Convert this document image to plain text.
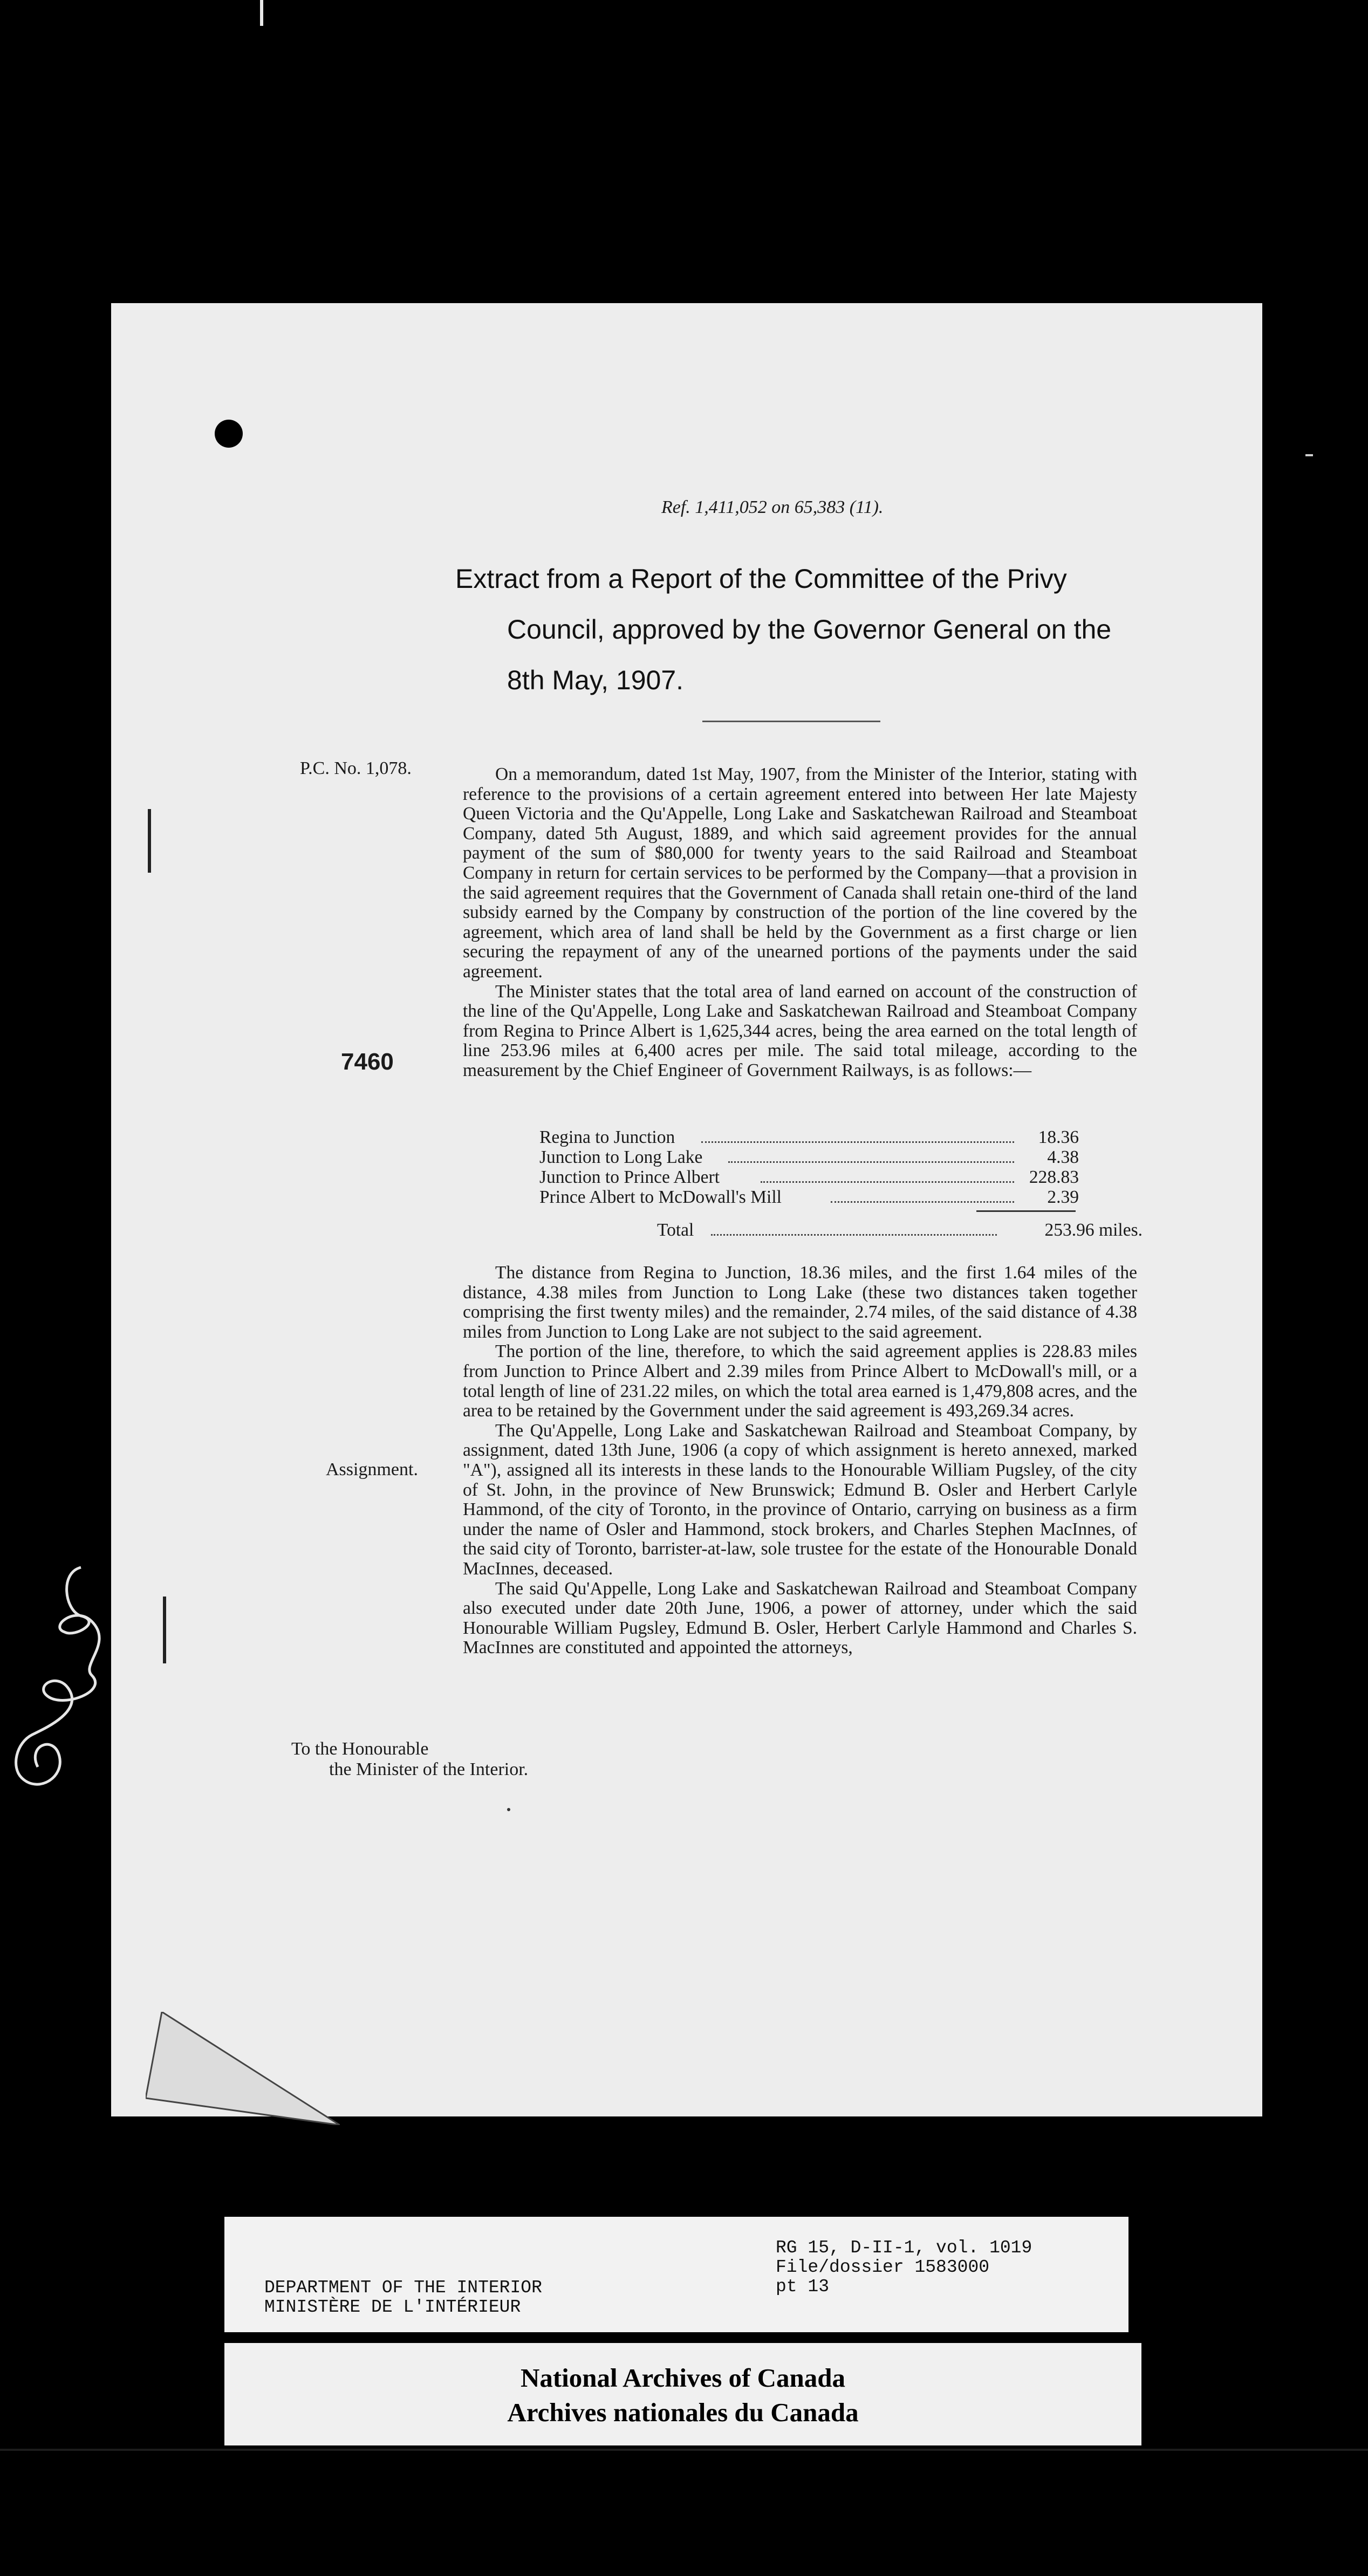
Ref. 1,411,052 on 65,383 (11).
Extract from a Report of the Committee of the Privy
Council, approved by the Governor General on the
8th May, 1907.
P.C. No. 1,078.
7460
Assignment.

On a memorandum, dated 1st May, 1907, from the Minister of the Interior, stating with reference to the provisions of a certain agreement entered into between Her late Majesty Queen Victoria and the Qu'Appelle, Long Lake and Saskatchewan Railroad and Steamboat Company, dated 5th August, 1889, and which said agreement provides for the annual payment of the sum of $80,000 for twenty years to the said Railroad and Steamboat Company in return for certain services to be performed by the Company—that a provision in the said agreement requires that the Government of Canada shall retain one-third of the land subsidy earned by the Company by construction of the portion of the line covered by the agreement, which area of land shall be held by the Government as a first charge or lien securing the repayment of any of the unearned portions of the payments under the said agreement.

The Minister states that the total area of land earned on account of the construction of the line of the Qu'Appelle, Long Lake and Saskatchewan Railroad and Steamboat Company from Regina to Prince Albert is 1,625,344 acres, being the area earned on the total length of line 253.96 miles at 6,400 acres per mile. The said total mileage, according to the measurement by the Chief Engineer of Government Railways, is as follows:—

Regina to Junction	18.36
Junction to Long Lake	4.38
Junction to Prince Albert	228.83
Prince Albert to McDowall's Mill	2.39
Total	253.96 miles.

The distance from Regina to Junction, 18.36 miles, and the first 1.64 miles of the distance, 4.38 miles from Junction to Long Lake (these two distances taken together comprising the first twenty miles) and the remainder, 2.74 miles, of the said distance of 4.38 miles from Junction to Long Lake are not subject to the said agreement.

The portion of the line, therefore, to which the said agreement applies is 228.83 miles from Junction to Prince Albert and 2.39 miles from Prince Albert to McDowall's mill, or a total length of line of 231.22 miles, on which the total area earned is 1,479,808 acres, and the area to be retained by the Government under the said agreement is 493,269.34 acres.

The Qu'Appelle, Long Lake and Saskatchewan Railroad and Steamboat Company, by assignment, dated 13th June, 1906 (a copy of which assignment is hereto annexed, marked "A"), assigned all its interests in these lands to the Honourable William Pugsley, of the city of St. John, in the province of New Brunswick; Edmund B. Osler and Herbert Carlyle Hammond, of the city of Toronto, in the province of Ontario, carrying on business as a firm under the name of Osler and Hammond, stock brokers, and Charles Stephen MacInnes, of the said city of Toronto, barrister-at-law, sole trustee for the estate of the Honourable Donald MacInnes, deceased.

The said Qu'Appelle, Long Lake and Saskatchewan Railroad and Steamboat Company also executed under date 20th June, 1906, a power of attorney, under which the said Honourable William Pugsley, Edmund B. Osler, Herbert Carlyle Hammond and Charles S. MacInnes are constituted and appointed the attorneys,

To the Honourable
the Minister of the Interior.
DEPARTMENT OF THE INTERIOR
MINISTÈRE DE L'INTÉRIEUR
RG 15, D-II-1, vol. 1019
File/dossier 1583000
pt 13
National Archives of Canada
Archives nationales du Canada
